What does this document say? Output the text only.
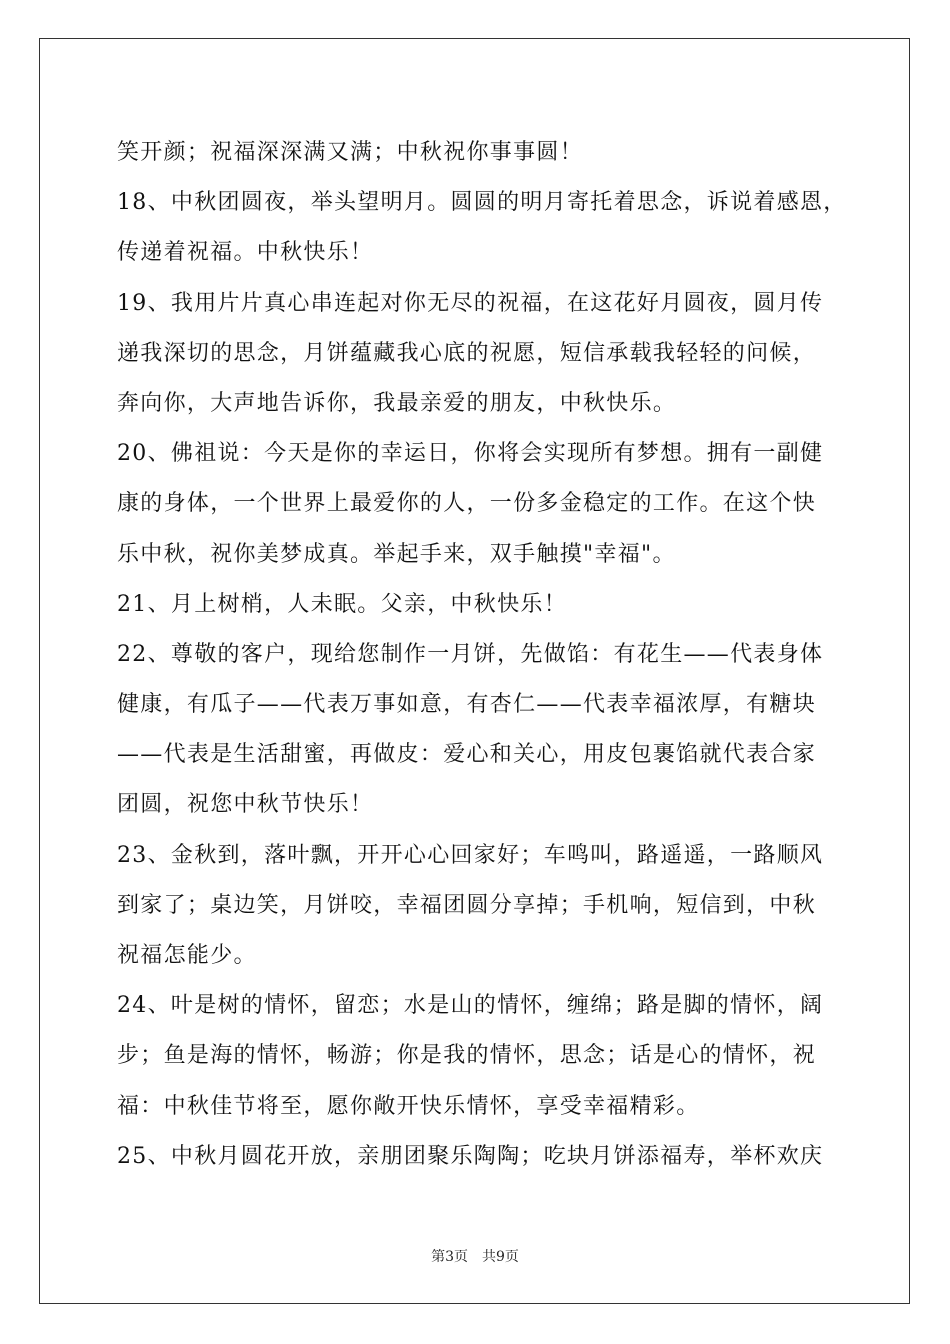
笑开颜；祝福深深满又满；中秋祝你事事圆！
18、中秋团圆夜，举头望明月。圆圆的明月寄托着思念，诉说着感恩，
传递着祝福。中秋快乐！
19、我用片片真心串连起对你无尽的祝福，在这花好月圆夜，圆月传
递我深切的思念，月饼蕴藏我心底的祝愿，短信承载我轻轻的问候，
奔向你，大声地告诉你，我最亲爱的朋友，中秋快乐。
20、佛祖说：今天是你的幸运日，你将会实现所有梦想。拥有一副健
康的身体，一个世界上最爱你的人，一份多金稳定的工作。在这个快
乐中秋，祝你美梦成真。举起手来，双手触摸"幸福"。
21、月上树梢，人未眠。父亲，中秋快乐！
22、尊敬的客户，现给您制作一月饼，先做馅：有花生——代表身体
健康，有瓜子——代表万事如意，有杏仁——代表幸福浓厚，有糖块
——代表是生活甜蜜，再做皮：爱心和关心，用皮包裹馅就代表合家
团圆，祝您中秋节快乐！
23、金秋到，落叶飘，开开心心回家好；车鸣叫，路遥遥，一路顺风
到家了；桌边笑，月饼咬，幸福团圆分享掉；手机响，短信到，中秋
祝福怎能少。
24、叶是树的情怀，留恋；水是山的情怀，缠绵；路是脚的情怀，阔
步；鱼是海的情怀，畅游；你是我的情怀，思念；话是心的情怀，祝
福：中秋佳节将至，愿你敞开快乐情怀，享受幸福精彩。
25、中秋月圆花开放，亲朋团聚乐陶陶；吃块月饼添福寿，举杯欢庆
第3页 共9页
